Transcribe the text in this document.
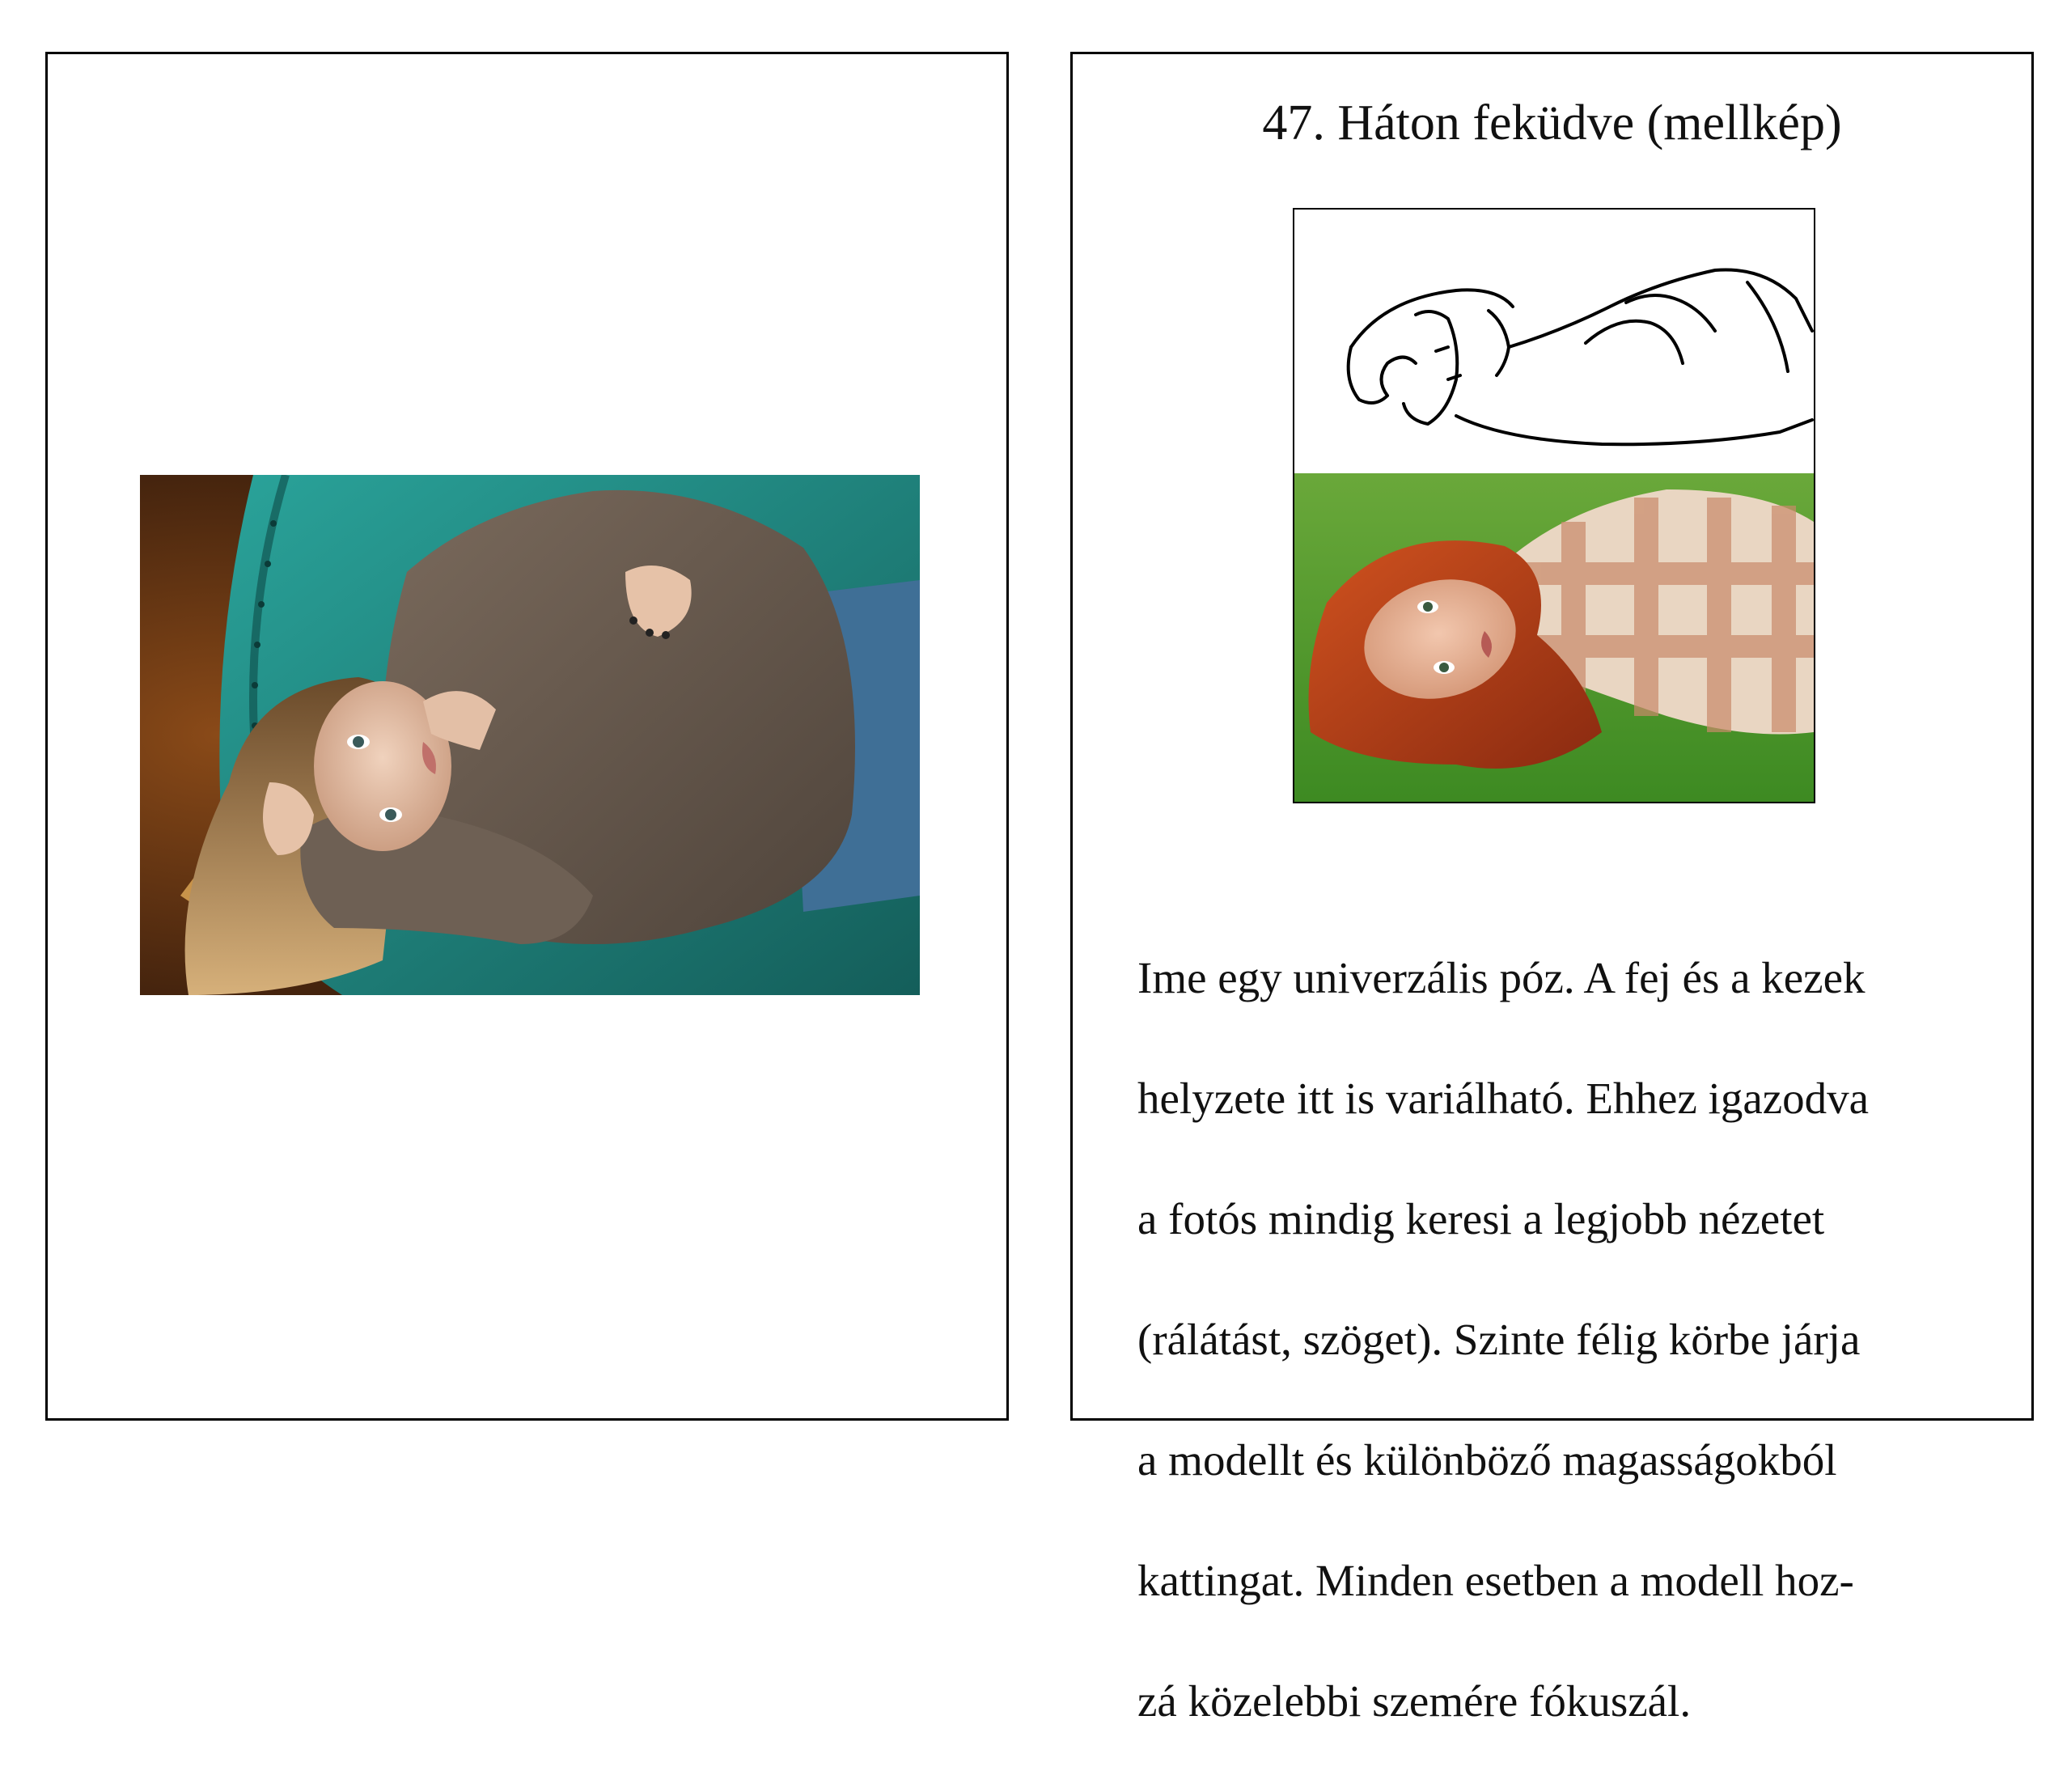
47. Háton feküdve (mellkép)

Ime egy univerzális póz. A fej és a kezek

helyzete itt is variálható. Ehhez igazodva

a fotós mindig keresi a legjobb nézetet

(rálátást, szöget). Szinte félig körbe járja

a modellt és különböző magasságokból

kattingat. Minden esetben a modell hoz-

zá közelebbi szemére fókuszál.
